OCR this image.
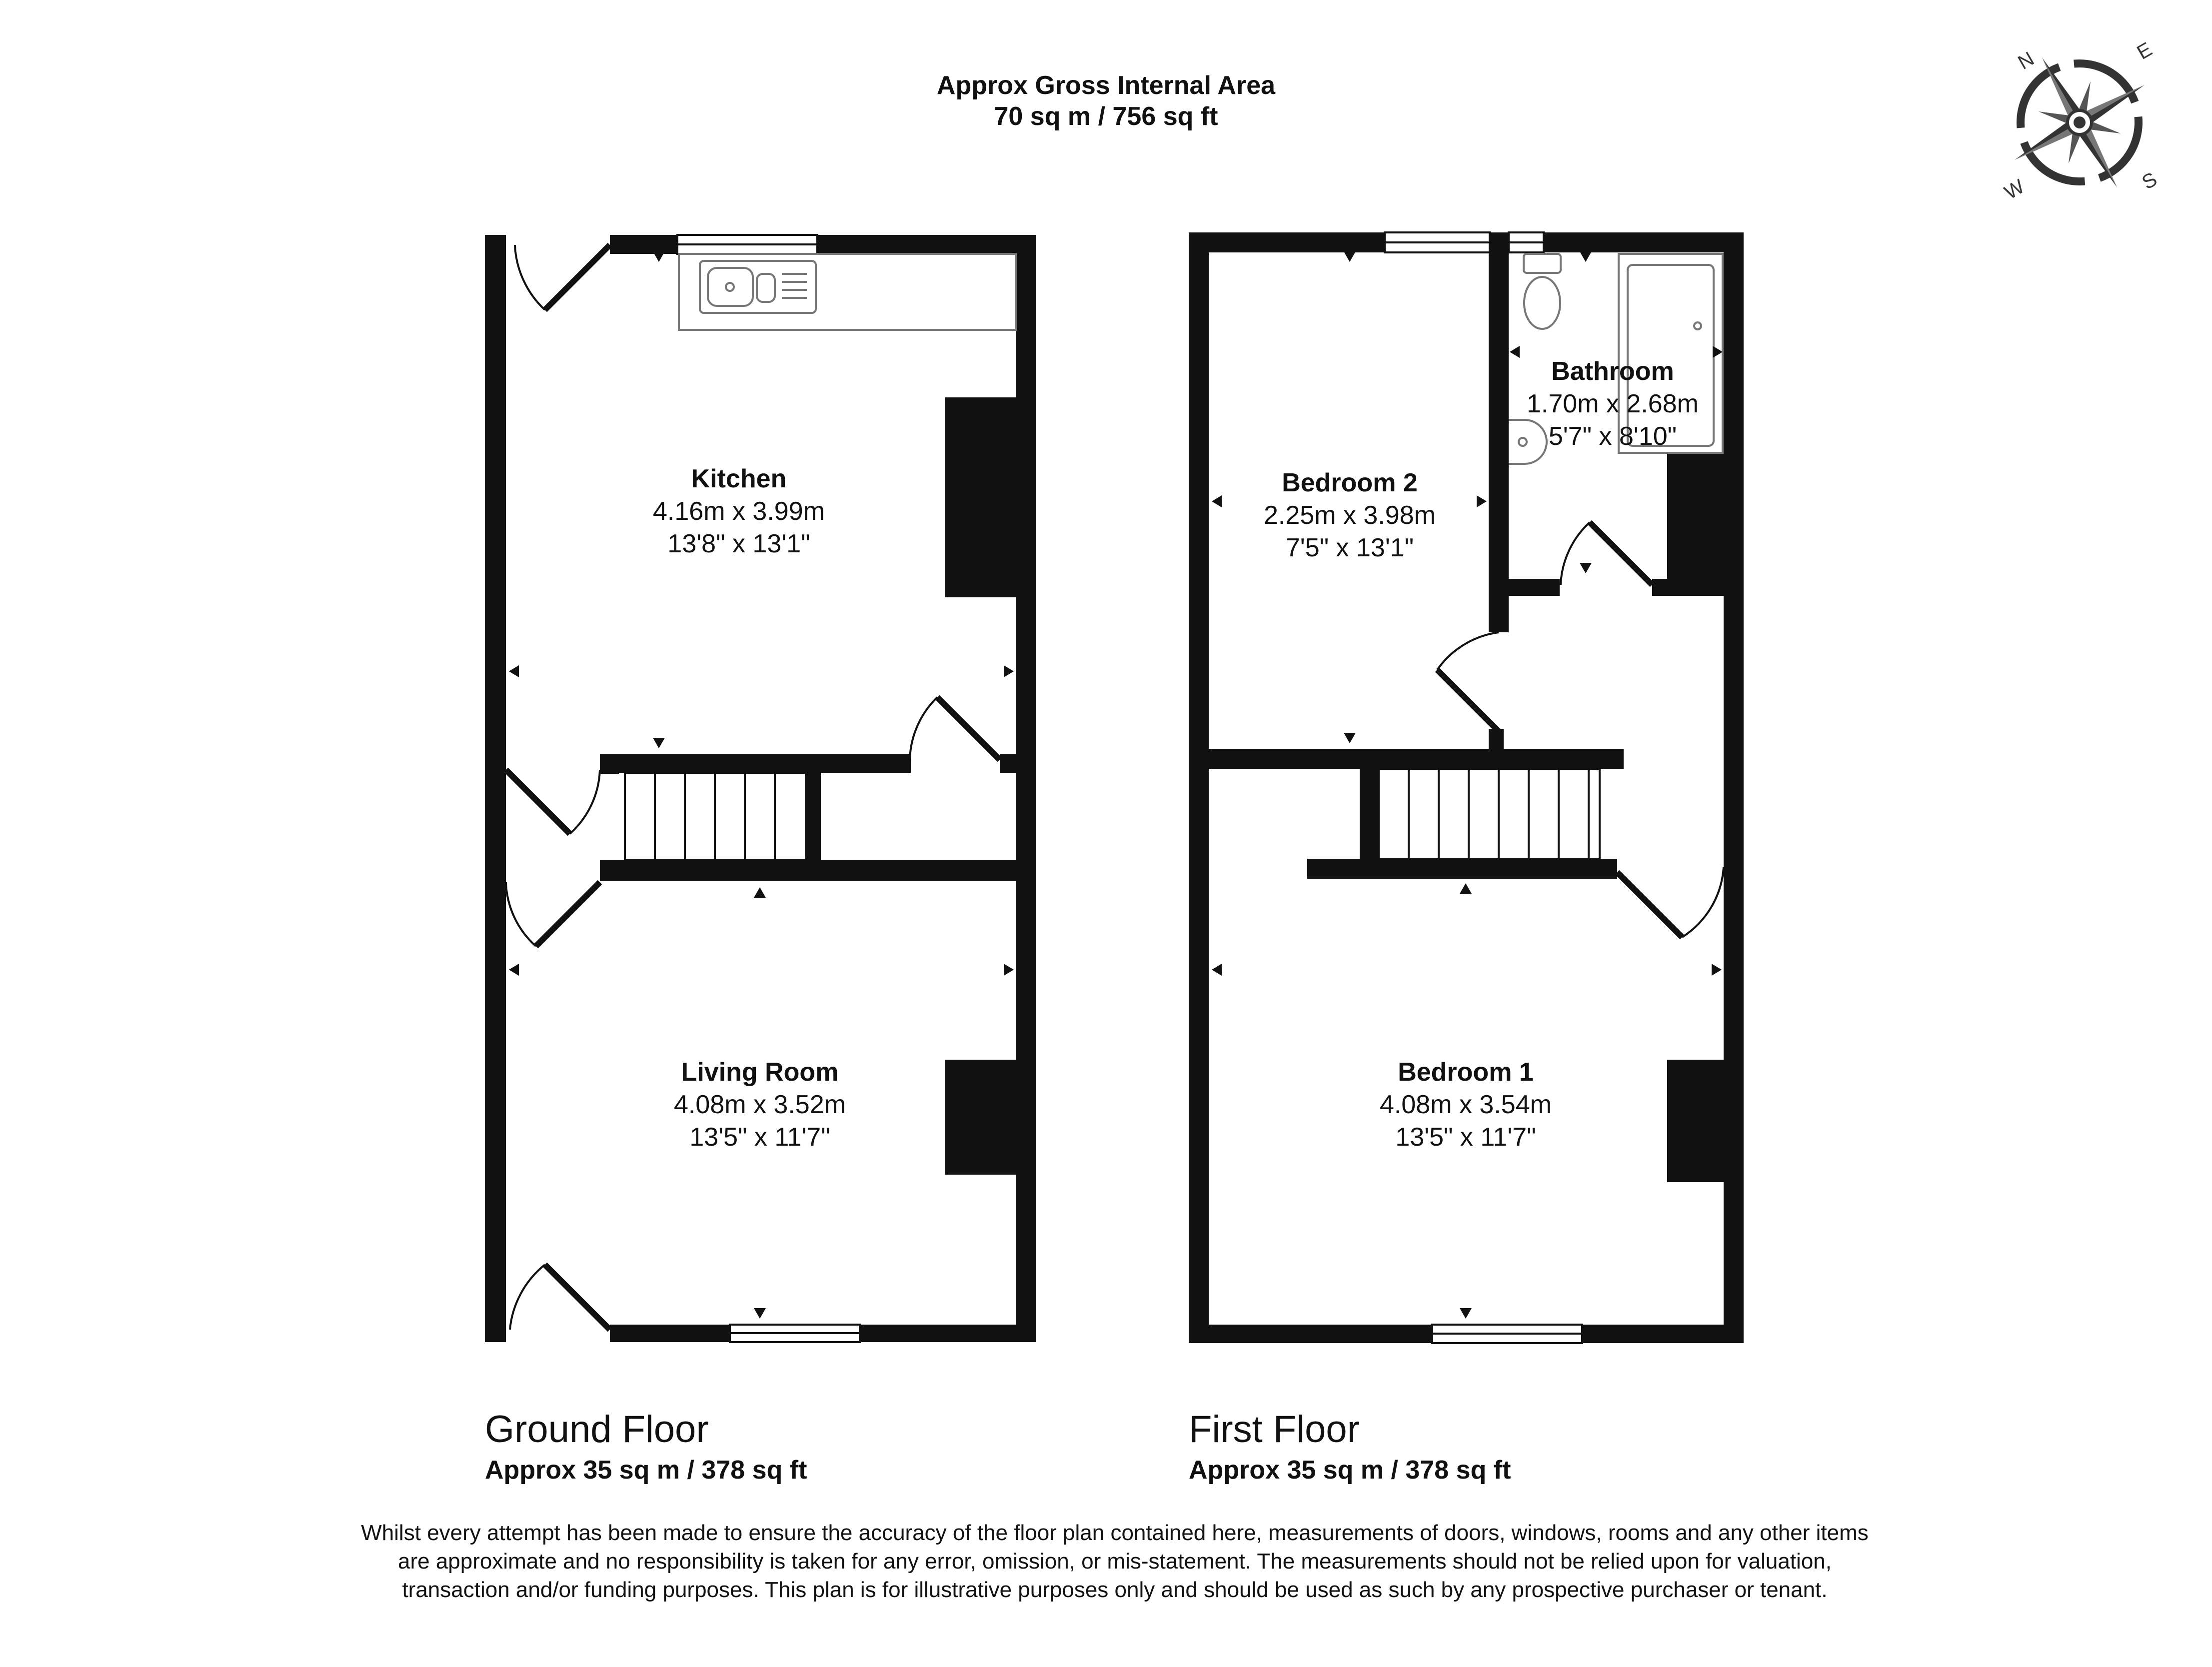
Approx Gross Internal Area
70 sq m / 756 sq ft
N	E
S
W
Kitchen
4.16m x 3.99m
13'8" x 13'1"
Living Room
4.08m x 3.52m
13'5" x 11'7"
Bathroom
1.70m x 2.68m
5'7" x 8'10"
Bedroom 2
2.25m x 3.98m
7'5" x 13'1"
Bedroom 1
4.08m x 3.54m
13'5" x 11'7"
Ground Floor
Approx 35 sq m / 378 sq ft
First Floor
Approx 35 sq m / 378 sq ft
Whilst every attempt has been made to ensure the accuracy of the floor plan contained here, measurements of doors, windows, rooms and any other items are approximate and no responsibility is taken for any error, omission, or mis-statement. The measurements should not be relied upon for valuation, transaction and/or funding purposes. This plan is for illustrative purposes only and should be used as such by any prospective purchaser or tenant.
